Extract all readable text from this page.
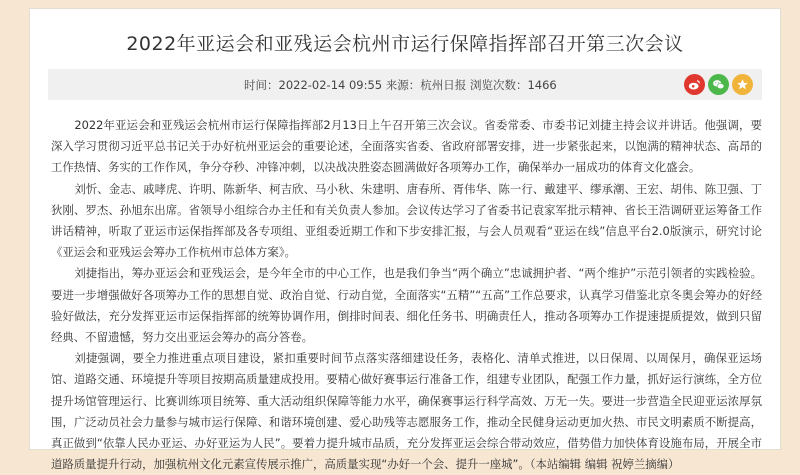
2022年亚运会和亚残运会杭州市运行保障指挥部召开第三次会议
时间：2022-02-14 09:55 来源：杭州日报 浏览次数：1466

2022年亚运会和亚残运会杭州市运行保障指挥部2月13日上午召开第三次会议。省委常委、市委书记刘捷主持会议并讲话。他强调，要深入学习贯彻习近平总书记关于办好杭州亚运会的重要论述，全面落实省委、省政府部署安排，进一步紧张起来，以饱满的精神状态、高昂的工作热情、务实的工作作风，争分夺秒、冲锋冲刺，以决战决胜姿态圆满做好各项筹办工作，确保举办一届成功的体育文化盛会。

刘忻、金志、戚哮虎、许明、陈新华、柯吉欣、马小秋、朱建明、唐春所、胥伟华、陈一行、戴建平、缪承潮、王宏、胡伟、陈卫强、丁狄刚、罗杰、孙旭东出席。省领导小组综合办主任和有关负责人参加。会议传达学习了省委书记袁家军批示精神、省长王浩调研亚运筹备工作讲话精神，听取了亚运市运保指挥部及各专项组、亚组委近期工作和下步安排汇报，与会人员观看“亚运在线”信息平台2.0版演示，研究讨论《亚运会和亚残运会筹办工作杭州市总体方案》。

刘捷指出，筹办亚运会和亚残运会，是今年全市的中心工作，也是我们争当“两个确立”忠诚拥护者、“两个维护”示范引领者的实践检验。要进一步增强做好各项筹办工作的思想自觉、政治自觉、行动自觉，全面落实“五精”“五高”工作总要求，认真学习借鉴北京冬奥会筹办的好经验好做法，充分发挥亚运市运保指挥部的统筹协调作用，倒排时间表、细化任务书、明确责任人，推动各项筹办工作提速提质提效，做到只留经典、不留遗憾，努力交出亚运会筹办的高分答卷。

刘捷强调，要全力推进重点项目建设，紧扣重要时间节点落实落细建设任务，表格化、清单式推进，以日保周、以周保月，确保亚运场馆、道路交通、环境提升等项目按期高质量建成投用。要精心做好赛事运行准备工作，组建专业团队，配强工作力量，抓好运行演练，全方位提升场馆管理运行、比赛训练项目统筹、重大活动组织保障等能力水平，确保赛事运行科学高效、万无一失。要进一步营造全民迎亚运浓厚氛围，广泛动员社会力量参与城市运行保障、和谐环境创建、爱心助残等志愿服务工作，推动全民健身运动更加火热、市民文明素质不断提高，真正做到“依靠人民办亚运、办好亚运为人民”。要着力提升城市品质，充分发挥亚运会综合带动效应，借势借力加快体育设施布局，开展全市道路质量提升行动，加强杭州文化元素宣传展示推广，高质量实现“办好一个会、提升一座城”。（本站编辑 编辑 祝婷兰摘编）
